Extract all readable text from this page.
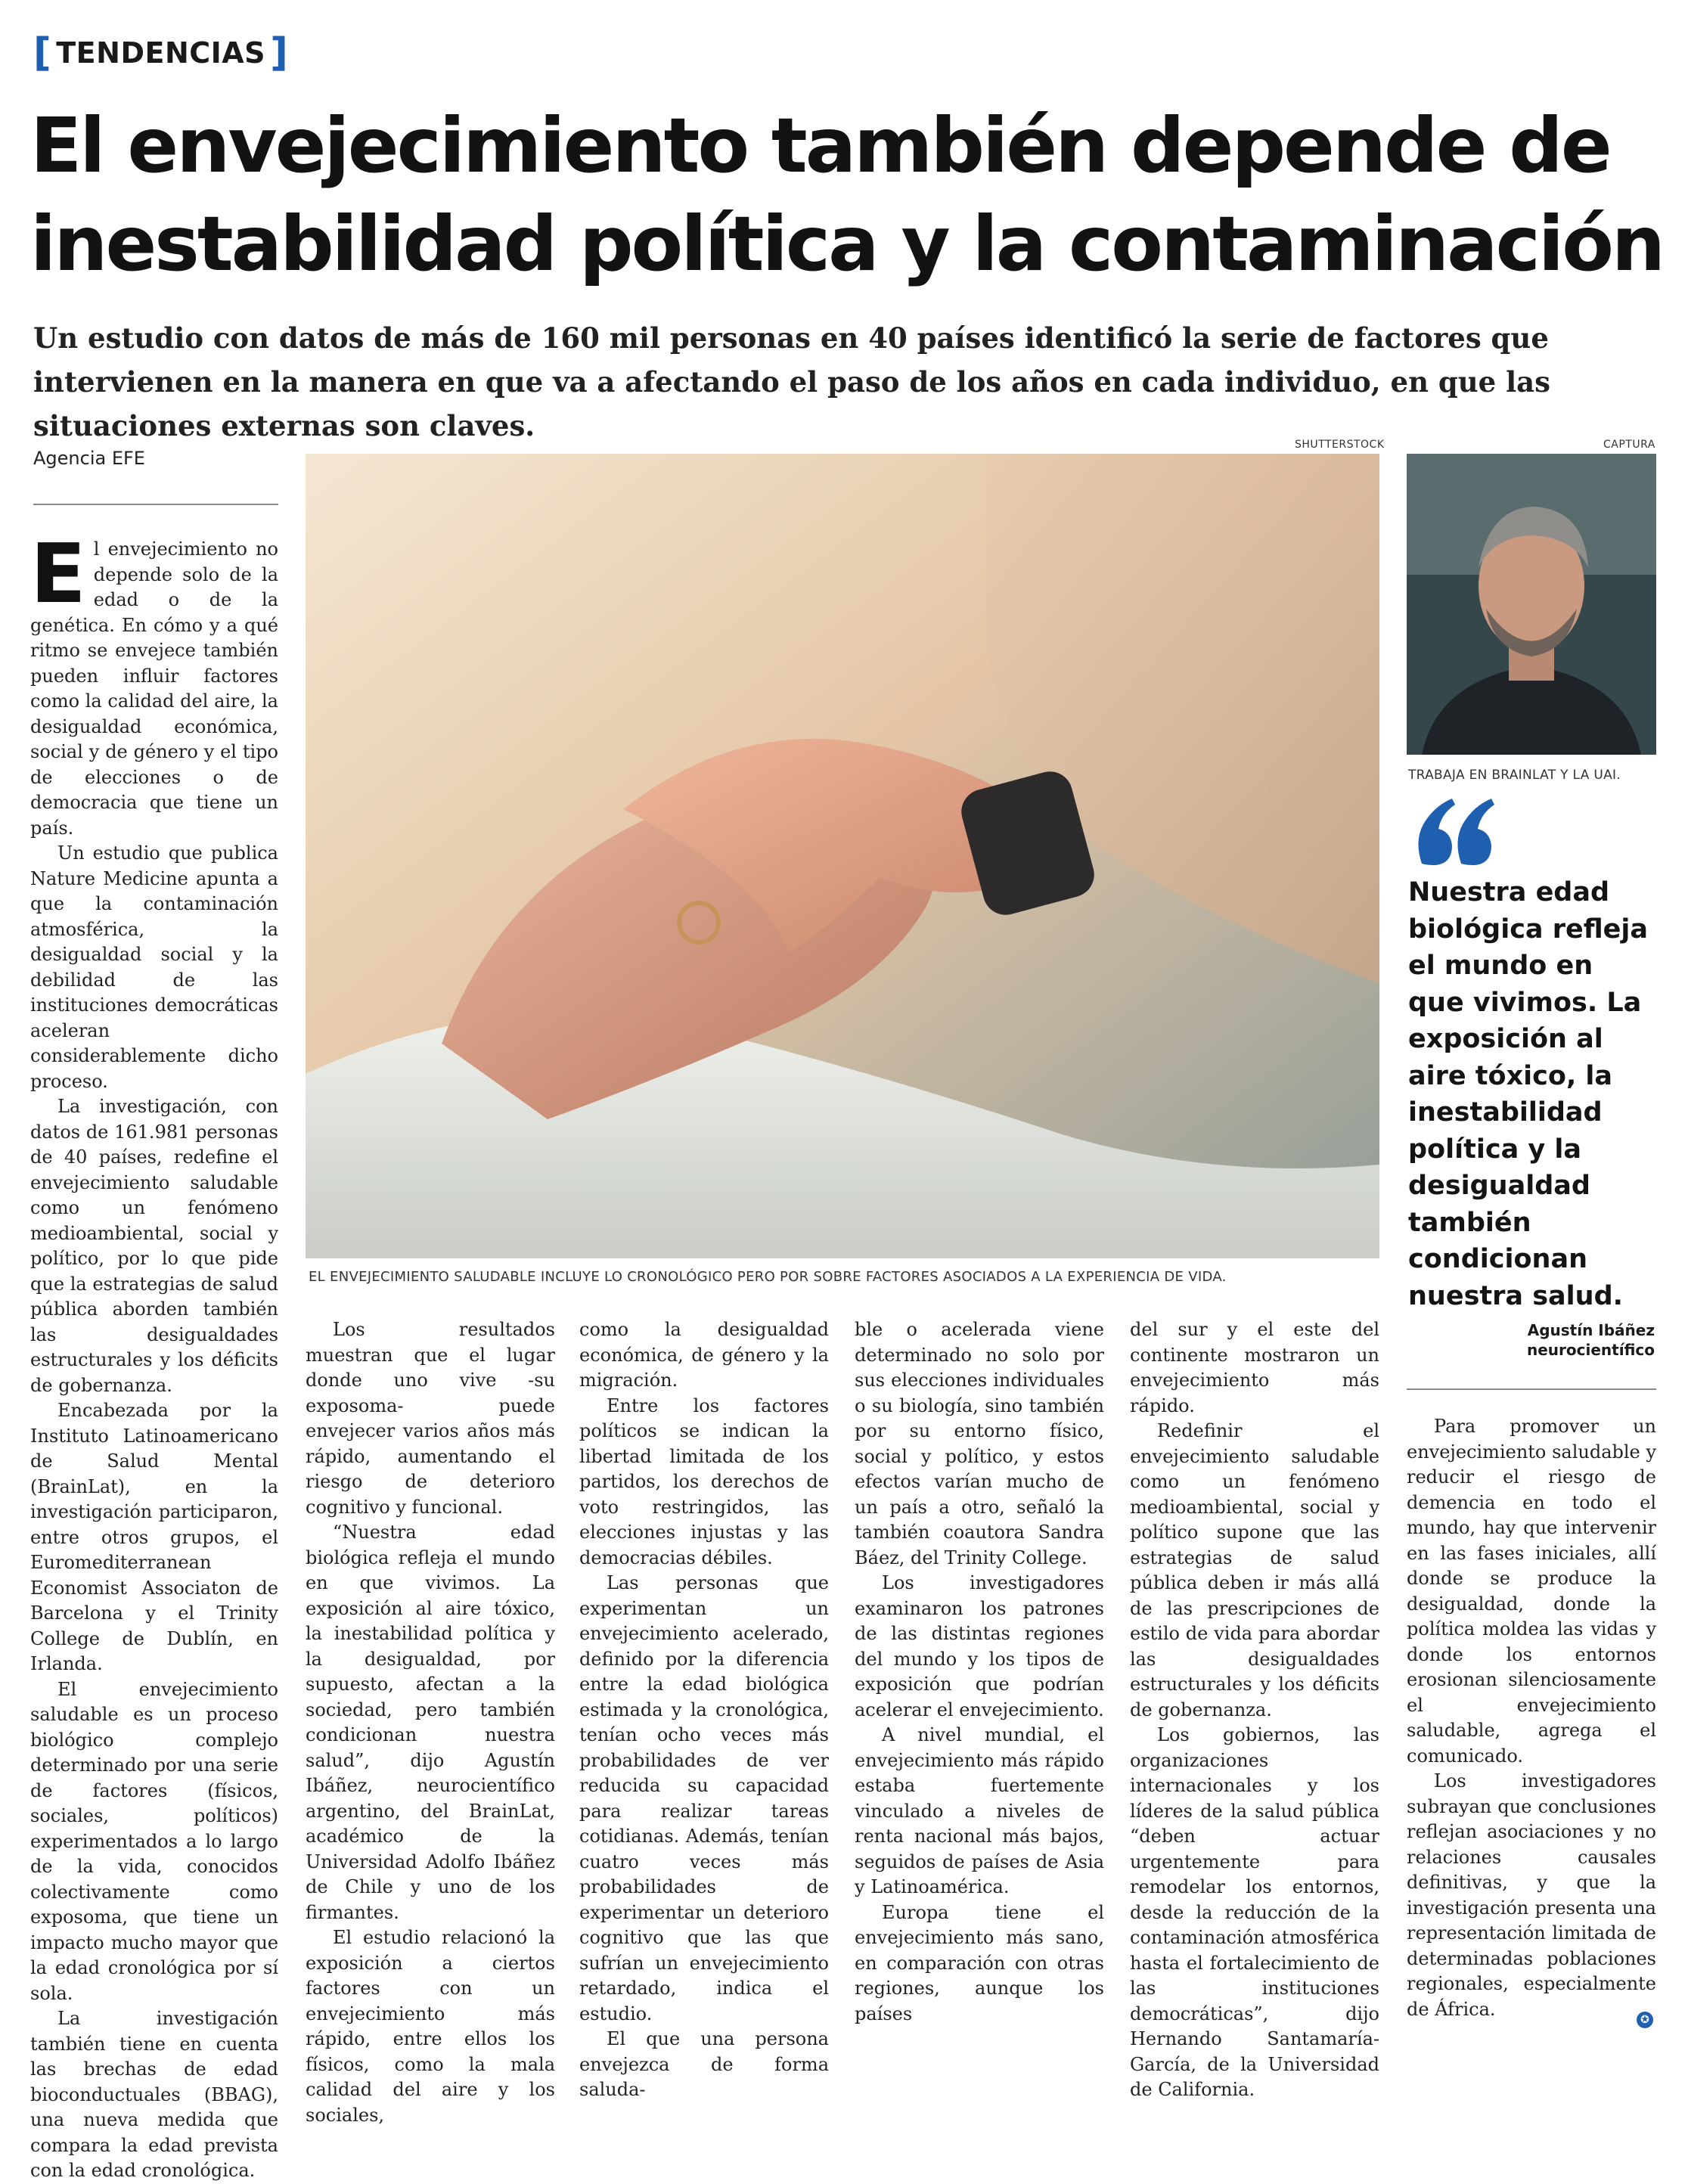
[ TENDENCIAS ]
El envejecimiento también depende de inestabilidad política y la contaminación

Un estudio con datos de más de 160 mil personas en 40 países identificó la serie de factores que intervienen en la manera en que va a afectando el paso de los años en cada individuo, en que las situaciones externas son claves.

Agencia EFE
SHUTTERSTOCK
EL ENVEJECIMIENTO SALUDABLE INCLUYE LO CRONOLÓGICO PERO POR SOBRE FACTORES ASOCIADOS A LA EXPERIENCIA DE VIDA.
CAPTURA
TRABAJA EN BRAINLAT Y LA UAI.
Nuestra edad biológica refleja el mundo en que vivimos. La exposición al aire tóxico, la inestabilidad política y la desigualdad también condicionan nuestra salud.
Agustín Ibáñez
neurocientífico

El envejecimiento no depende solo de la edad o de la genética. En cómo y a qué ritmo se envejece también pueden influir factores como la calidad del aire, la desigualdad económica, social y de género y el tipo de elecciones o de democracia que tiene un país.

Un estudio que publica Nature Medicine apunta a que la contaminación atmosférica, la desigualdad social y la debilidad de las instituciones democráticas aceleran considerablemente dicho proceso.

La investigación, con datos de 161.981 personas de 40 países, redefine el envejecimiento saludable como un fenómeno medioambiental, social y político, por lo que pide que la estrategias de salud pública aborden también las desigualdades estructurales y los déficits de gobernanza.

Encabezada por la Instituto Latinoamericano de Salud Mental (BrainLat), en la investigación participaron, entre otros grupos, el Euromediterranean Economist Associaton de Barcelona y el Trinity College de Dublín, en Irlanda.

El envejecimiento saludable es un proceso biológico complejo determinado por una serie de factores (físicos, sociales, políticos) experimentados a lo largo de la vida, conocidos colectivamente como exposoma, que tiene un impacto mucho mayor que la edad cronológica por sí sola.

La investigación también tiene en cuenta las brechas de edad bioconductuales (BBAG), una nueva medida que compara la edad prevista con la edad cronológica.

Los resultados muestran que el lugar donde uno vive -su exposoma- puede envejecer varios años más rápido, aumentando el riesgo de deterioro cognitivo y funcional.

“Nuestra edad biológica refleja el mundo en que vivimos. La exposición al aire tóxico, la inestabilidad política y la desigualdad, por supuesto, afectan a la sociedad, pero también condicionan nuestra salud”, dijo Agustín Ibáñez, neurocientífico argentino, del BrainLat, académico de la Universidad Adolfo Ibáñez de Chile y uno de los firmantes.

El estudio relacionó la exposición a ciertos factores con un envejecimiento más rápido, entre ellos los físicos, como la mala calidad del aire y los sociales,

como la desigualdad económica, de género y la migración.

Entre los factores políticos se indican la libertad limitada de los partidos, los derechos de voto restringidos, las elecciones injustas y las democracias débiles.

Las personas que experimentan un envejecimiento acelerado, definido por la diferencia entre la edad biológica estimada y la cronológica, tenían ocho veces más probabilidades de ver reducida su capacidad para realizar tareas cotidianas. Además, tenían cuatro veces más probabilidades de experimentar un deterioro cognitivo que las que sufrían un envejecimiento retardado, indica el estudio.

El que una persona envejezca de forma saluda-

ble o acelerada viene determinado no solo por sus elecciones individuales o su biología, sino también por su entorno físico, social y político, y estos efectos varían mucho de un país a otro, señaló la también coautora Sandra Báez, del Trinity College.

Los investigadores examinaron los patrones de las distintas regiones del mundo y los tipos de exposición que podrían acelerar el envejecimiento.

A nivel mundial, el envejecimiento más rápido estaba fuertemente vinculado a niveles de renta nacional más bajos, seguidos de países de Asia y Latinoamérica.

Europa tiene el envejecimiento más sano, en comparación con otras regiones, aunque los países

del sur y el este del continente mostraron un envejecimiento más rápido.

Redefinir el envejecimiento saludable como un fenómeno medioambiental, social y político supone que las estrategias de salud pública deben ir más allá de las prescripciones de estilo de vida para abordar las desigualdades estructurales y los déficits de gobernanza.

Los gobiernos, las organizaciones internacionales y los líderes de la salud pública “deben actuar urgentemente para remodelar los entornos, desde la reducción de la contaminación atmosférica hasta el fortalecimiento de las instituciones democráticas”, dijo Hernando Santamaría-García, de la Universidad de California.

Para promover un envejecimiento saludable y reducir el riesgo de demencia en todo el mundo, hay que intervenir en las fases iniciales, allí donde se produce la desigualdad, donde la política moldea las vidas y donde los entornos erosionan silenciosamente el envejecimiento saludable, agrega el comunicado.

Los investigadores subrayan que conclusiones reflejan asociaciones y no relaciones causales definitivas, y que la investigación presenta una representación limitada de determinadas poblaciones regionales, especialmente de África.

✪
